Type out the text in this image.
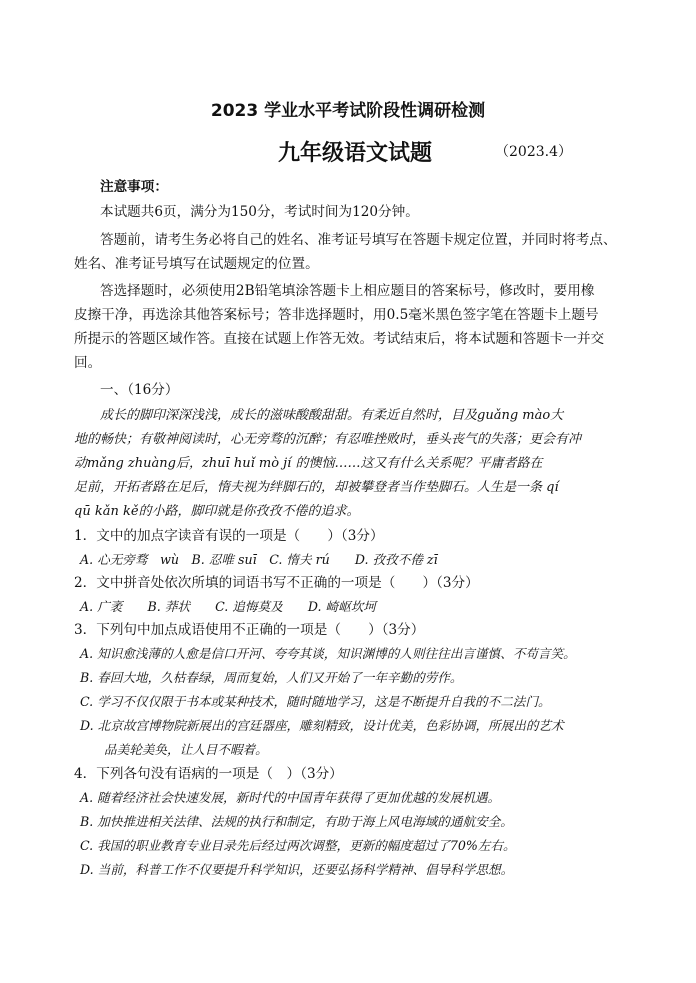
2023 学业水平考试阶段性调研检测
九年级语文试题	（2023.4）
注意事项：
本试题共6页，满分为150分，考试时间为120分钟。
答题前，请考生务必将自己的姓名、准考证号填写在答题卡规定位置，并同时将考点、
姓名、准考证号填写在试题规定的位置。
答选择题时，必须使用2B铅笔填涂答题卡上相应题目的答案标号，修改时，要用橡
皮擦干净，再选涂其他答案标号；答非选择题时，用0.5毫米黑色签字笔在答题卡上题号
所提示的答题区域作答。直接在试题上作答无效。考试结束后，将本试题和答题卡一并交
回。
一、（16分）
成长的脚印深深浅浅，成长的滋味酸酸甜甜。有柔近自然时，目及guǎng mào大
地的畅快；有敬神阅读时，心无旁骛的沉醉；有忍唯挫败时，垂头丧气的失落；更会有冲
动mǎng zhuàng后，zhuī huǐ mò jí 的懊恼……这又有什么关系呢？平庸者路在
足前，开拓者路在足后，惰夫视为绊脚石的，却被攀登者当作垫脚石。人生是一条 qí
qū kǎn kě的小路，脚印就是你孜孜不倦的追求。
1．文中的加点字读音有误的一项是（　　）（3分）
A. 心无旁骛　wù　B. 忍唯 suī　C. 惰夫 rú　　D. 孜孜不倦 zī
2．文中拼音处依次所填的词语书写不正确的一项是（　　）（3分）
A. 广袤　　B. 莽状　　C. 追悔莫及　　D. 崎岖坎坷
3．下列句中加点成语使用不正确的一项是（　　）（3分）
A. 知识愈浅薄的人愈是信口开河、夸夸其谈，知识渊博的人则往往出言谨慎、不苟言笑。
B. 春回大地，久枯春绿，周而复始，人们又开始了一年辛勤的劳作。
C. 学习不仅仅限于书本或某种技术，随时随地学习，这是不断提升自我的不二法门。
D. 北京故宫博物院新展出的宫廷器座，雕刻精致，设计优美，色彩协调，所展出的艺术
品美轮美奂，让人目不暇着。
4．下列各句没有语病的一项是（　）（3分）
A. 随着经济社会快速发展，新时代的中国青年获得了更加优越的发展机遇。
B. 加快推进相关法律、法规的执行和制定，有助于海上风电海域的通航安全。
C. 我国的职业教育专业目录先后经过两次调整，更新的幅度超过了70%左右。
D. 当前，科普工作不仅要提升科学知识，还要弘扬科学精神、倡导科学思想。
